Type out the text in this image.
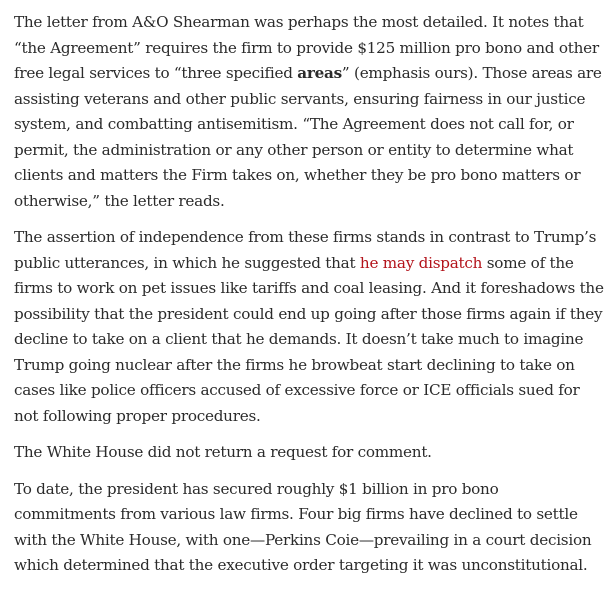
The letter from A&O Shearman was perhaps the most detailed. It notes that “the Agreement” requires the firm to provide $125 million pro bono and other free legal services to “three specified areas” (emphasis ours). Those areas are assisting veterans and other public servants, ensuring fairness in our justice system, and combatting antisemitism. “The Agreement does not call for, or permit, the administration or any other person or entity to determine what clients and matters the Firm takes on, whether they be pro bono matters or otherwise,” the letter reads.

The assertion of independence from these firms stands in contrast to Trump’s public utterances, in which he suggested that he may dispatch some of the firms to work on pet issues like tariffs and coal leasing. And it foreshadows the possibility that the president could end up going after those firms again if they decline to take on a client that he demands. It doesn’t take much to imagine Trump going nuclear after the firms he browbeat start declining to take on cases like police officers accused of excessive force or ICE officials sued for not following proper procedures.

The White House did not return a request for comment.

To date, the president has secured roughly $1 billion in pro bono commitments from various law firms. Four big firms have declined to settle with the White House, with one—Perkins Coie—prevailing in a court decision which determined that the executive order targeting it was unconstitutional.
